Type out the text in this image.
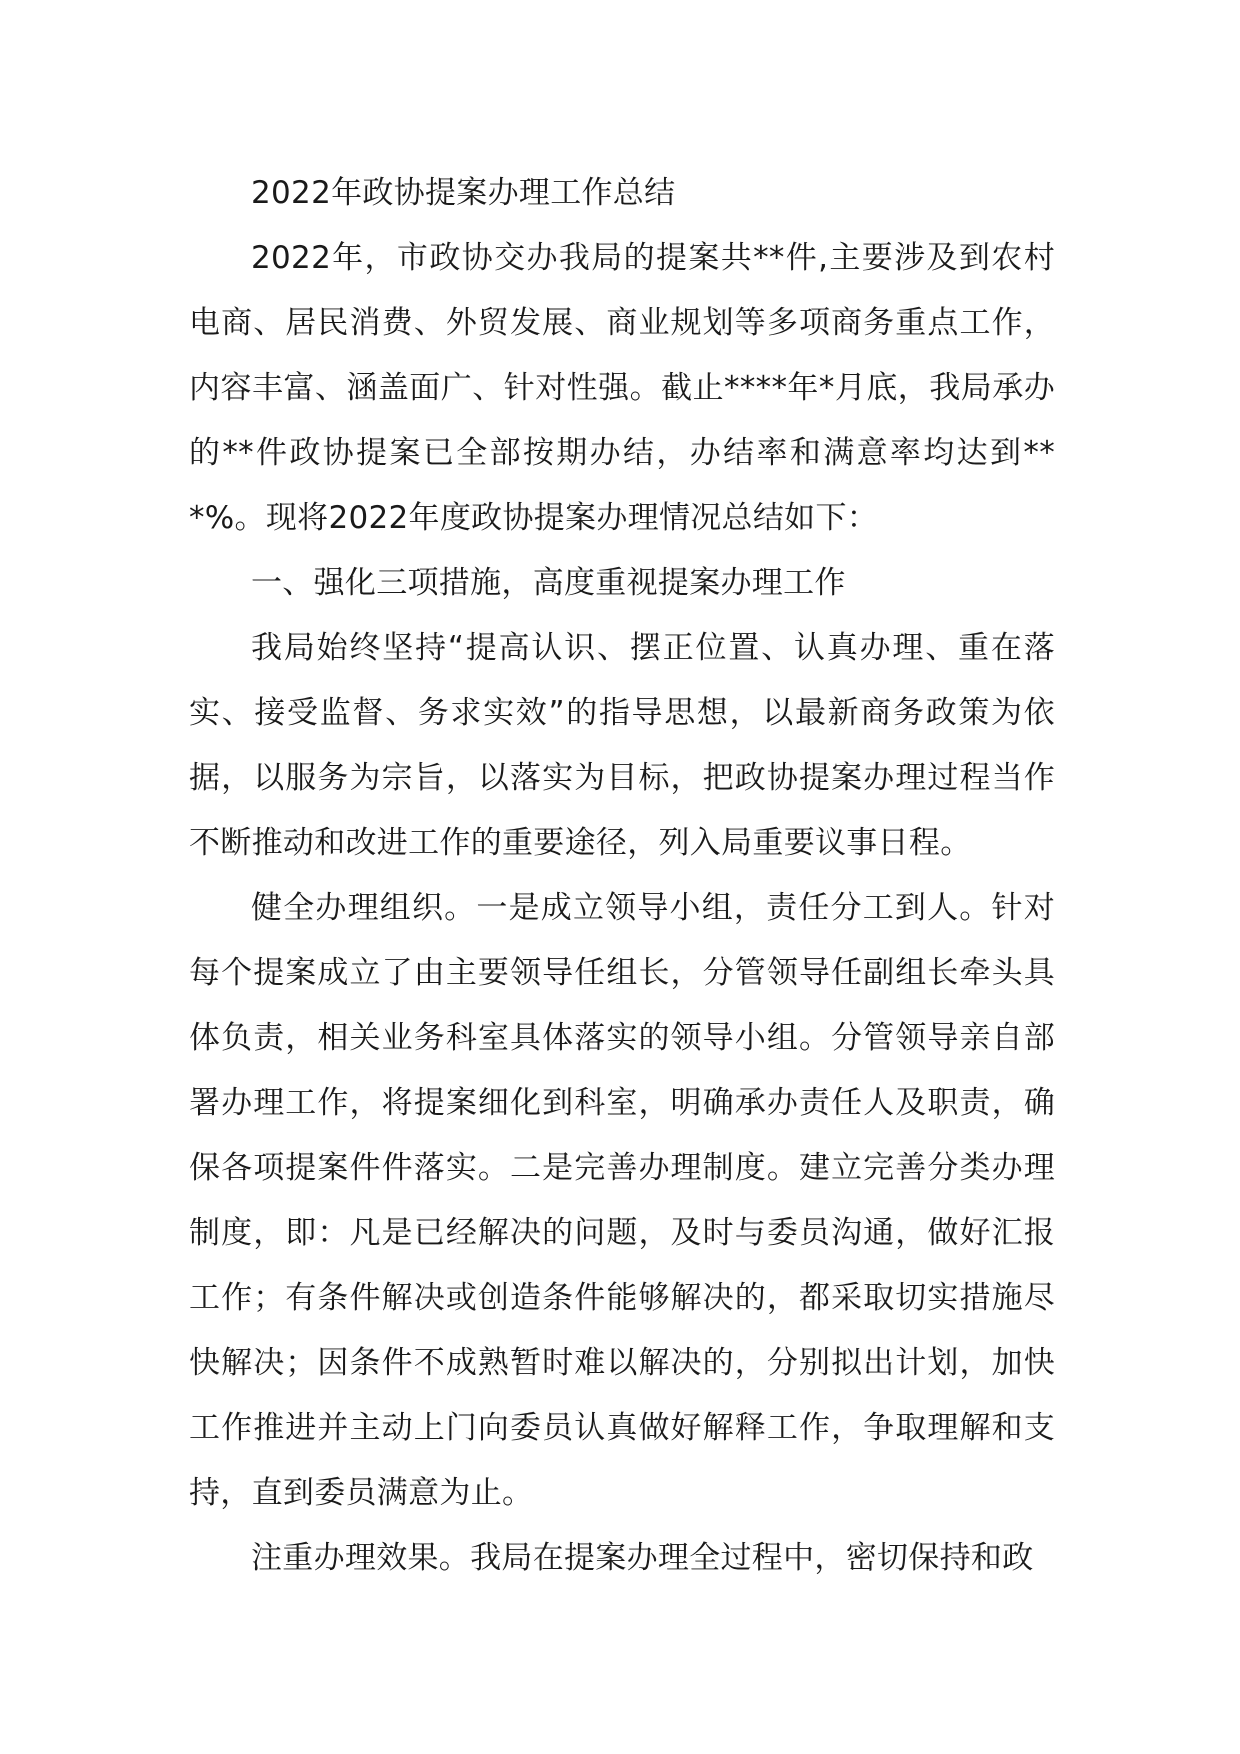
2022年政协提案办理工作总结

2022年，市政协交办我局的提案共**件,主要涉及到农村电商、居民消费、外贸发展、商业规划等多项商务重点工作，内容丰富、涵盖面广、针对性强。截止****年*月底，我局承办的**件政协提案已全部按期办结，办结率和满意率均达到***%。现将2022年度政协提案办理情况总结如下：

一、强化三项措施，高度重视提案办理工作

我局始终坚持“提高认识、摆正位置、认真办理、重在落实、接受监督、务求实效”的指导思想，以最新商务政策为依据，以服务为宗旨，以落实为目标，把政协提案办理过程当作不断推动和改进工作的重要途径，列入局重要议事日程。

健全办理组织。一是成立领导小组，责任分工到人。针对每个提案成立了由主要领导任组长，分管领导任副组长牵头具体负责，相关业务科室具体落实的领导小组。分管领导亲自部署办理工作，将提案细化到科室，明确承办责任人及职责，确保各项提案件件落实。二是完善办理制度。建立完善分类办理制度，即：凡是已经解决的问题，及时与委员沟通，做好汇报工作；有条件解决或创造条件能够解决的，都采取切实措施尽快解决；因条件不成熟暂时难以解决的，分别拟出计划，加快工作推进并主动上门向委员认真做好解释工作，争取理解和支持，直到委员满意为止。

注重办理效果。我局在提案办理全过程中，密切保持和政
